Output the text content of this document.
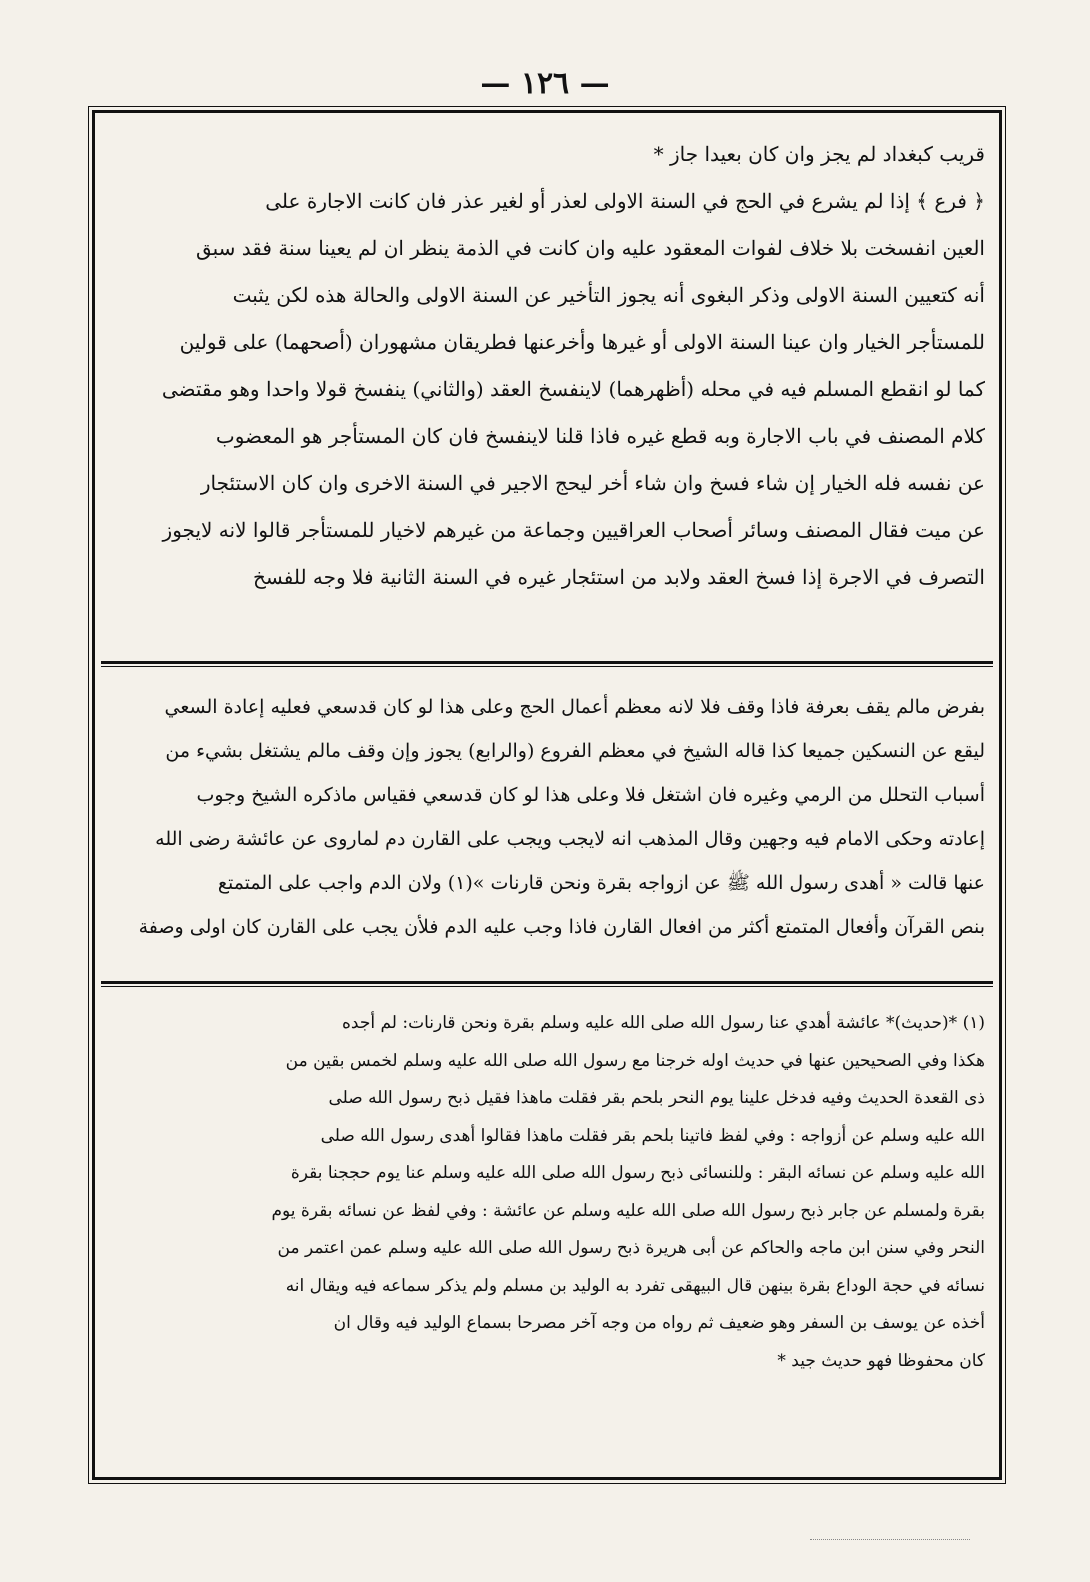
— ١٢٦ —
قريب كبغداد لم يجز وان كان بعيدا جاز *
﴿ فرع ﴾ إذا لم يشرع في الحج في السنة الاولى لعذر أو لغير عذر فان كانت الاجارة على
العين انفسخت بلا خلاف لفوات المعقود عليه وان كانت في الذمة ينظر ان لم يعينا سنة فقد سبق
أنه كتعيين السنة الاولى وذكر البغوى أنه يجوز التأخير عن السنة الاولى والحالة هذه لكن يثبت
للمستأجر الخيار وان عينا السنة الاولى أو غيرها وأخرعنها فطريقان مشهوران (أصحهما) على قولين
كما لو انقطع المسلم فيه في محله (أظهرهما) لاينفسخ العقد (والثاني) ينفسخ قولا واحدا وهو مقتضى
كلام المصنف في باب الاجارة وبه قطع غيره فاذا قلنا لاينفسخ فان كان المستأجر هو المعضوب
عن نفسه فله الخيار إن شاء فسخ وان شاء أخر ليحج الاجير في السنة الاخرى وان كان الاستئجار
عن ميت فقال المصنف وسائر أصحاب العراقيين وجماعة من غيرهم لاخيار للمستأجر قالوا لانه لايجوز
التصرف في الاجرة إذا فسخ العقد ولابد من استئجار غيره في السنة الثانية فلا وجه للفسخ
بفرض مالم يقف بعرفة فاذا وقف فلا لانه معظم أعمال الحج وعلى هذا لو كان قدسعي فعليه إعادة السعي
ليقع عن النسكين جميعا كذا قاله الشيخ في معظم الفروع (والرابع) يجوز وإن وقف مالم يشتغل بشيء من
أسباب التحلل من الرمي وغيره فان اشتغل فلا وعلى هذا لو كان قدسعي فقياس ماذكره الشيخ وجوب
إعادته وحكى الامام فيه وجهين وقال المذهب انه لايجب ويجب على القارن دم لماروى عن عائشة رضى الله
عنها قالت « أهدى رسول الله ﷺ عن ازواجه بقرة ونحن قارنات »(١) ولان الدم واجب على المتمتع
بنص القرآن وأفعال المتمتع أكثر من افعال القارن فاذا وجب عليه الدم فلأن يجب على القارن كان اولى وصفة
(١) *(حديث)* عائشة أهدي عنا رسول الله صلى الله عليه وسلم بقرة ونحن قارنات: لم أجده
هكذا وفي الصحيحين عنها في حديث اوله خرجنا مع رسول الله صلى الله عليه وسلم لخمس بقين من
ذى القعدة الحديث وفيه فدخل علينا يوم النحر بلحم بقر فقلت ماهذا فقيل ذبح رسول الله صلى
الله عليه وسلم عن أزواجه : وفي لفظ فاتينا بلحم بقر فقلت ماهذا فقالوا أهدى رسول الله صلى
الله عليه وسلم عن نسائه البقر : وللنسائى ذبح رسول الله صلى الله عليه وسلم عنا يوم حججنا بقرة
بقرة ولمسلم عن جابر ذبح رسول الله صلى الله عليه وسلم عن عائشة : وفي لفظ عن نسائه بقرة يوم
النحر وفي سنن ابن ماجه والحاكم عن أبى هريرة ذبح رسول الله صلى الله عليه وسلم عمن اعتمر من
نسائه في حجة الوداع بقرة بينهن قال البيهقى تفرد به الوليد بن مسلم ولم يذكر سماعه فيه ويقال انه
أخذه عن يوسف بن السفر وهو ضعيف ثم رواه من وجه آخر مصرحا بسماع الوليد فيه وقال ان
كان محفوظا فهو حديث جيد *
